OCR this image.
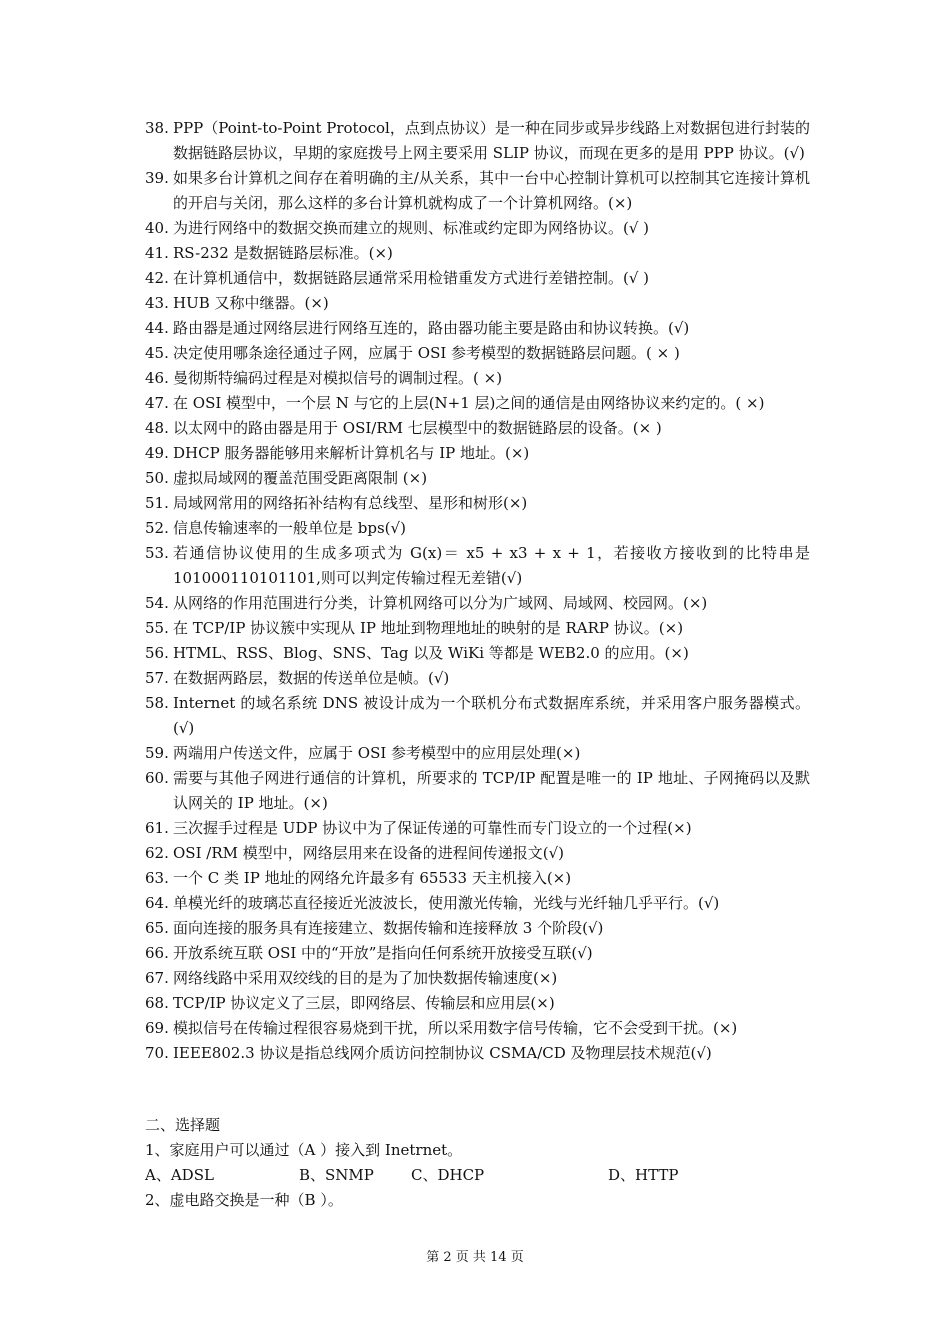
38. PPP（Point-to-Point Protocol，点到点协议）是一种在同步或异步线路上对数据包进行封装的数据链路层协议，早期的家庭拨号上网主要采用 SLIP 协议，而现在更多的是用 PPP 协议。(√)
39. 如果多台计算机之间存在着明确的主/从关系，其中一台中心控制计算机可以控制其它连接计算机的开启与关闭，那么这样的多台计算机就构成了一个计算机网络。(×)
40. 为进行网络中的数据交换而建立的规则、标准或约定即为网络协议。(√ )
41. RS-232 是数据链路层标准。(×)
42. 在计算机通信中，数据链路层通常采用检错重发方式进行差错控制。(√ )
43. HUB 又称中继器。(×)
44. 路由器是通过网络层进行网络互连的，路由器功能主要是路由和协议转换。(√)
45. 决定使用哪条途径通过子网，应属于 OSI 参考模型的数据链路层问题。( × )
46. 曼彻斯特编码过程是对模拟信号的调制过程。( ×)
47. 在 OSI 模型中，一个层 N 与它的上层(N+1 层)之间的通信是由网络协议来约定的。( ×)
48. 以太网中的路由器是用于 OSI/RM 七层模型中的数据链路层的设备。(× )
49. DHCP 服务器能够用来解析计算机名与 IP 地址。(×)
50. 虚拟局域网的覆盖范围受距离限制 (×)
51. 局域网常用的网络拓补结构有总线型、星形和树形(×)
52. 信息传输速率的一般单位是 bps(√)
53. 若通信协议使用的生成多项式为 G(x)＝ x5 + x3 + x + 1，若接收方接收到的比特串是 101000110101101,则可以判定传输过程无差错(√)
54. 从网络的作用范围进行分类，计算机网络可以分为广域网、局域网、校园网。(×)
55. 在 TCP/IP 协议簇中实现从 IP 地址到物理地址的映射的是 RARP 协议。(×)
56. HTML、RSS、Blog、SNS、Tag 以及 WiKi 等都是 WEB2.0 的应用。(×)
57. 在数据两路层，数据的传送单位是帧。(√)
58. Internet 的域名系统 DNS 被设计成为一个联机分布式数据库系统，并采用客户服务器模式。(√)
59. 两端用户传送文件，应属于 OSI 参考模型中的应用层处理(×)
60. 需要与其他子网进行通信的计算机，所要求的 TCP/IP 配置是唯一的 IP 地址、子网掩码以及默认网关的 IP 地址。(×)
61. 三次握手过程是 UDP 协议中为了保证传递的可靠性而专门设立的一个过程(×)
62. OSI /RM 模型中，网络层用来在设备的进程间传递报文(√)
63. 一个 C 类 IP 地址的网络允许最多有 65533 天主机接入(×)
64. 单模光纤的玻璃芯直径接近光波波长，使用激光传输，光线与光纤轴几乎平行。(√)
65. 面向连接的服务具有连接建立、数据传输和连接释放 3 个阶段(√)
66. 开放系统互联 OSI 中的“开放”是指向任何系统开放接受互联(√)
67. 网络线路中采用双绞线的目的是为了加快数据传输速度(×)
68. TCP/IP 协议定义了三层，即网络层、传输层和应用层(×)
69. 模拟信号在传输过程很容易烧到干扰，所以采用数字信号传输，它不会受到干扰。(×)
70. IEEE802.3 协议是指总线网介质访问控制协议 CSMA/CD 及物理层技术规范(√)
二、选择题
1、家庭用户可以通过（A ）接入到 Inetrnet。
A、ADSL	B、SNMP C、DHCP	D、HTTP
2、虚电路交换是一种（B ）。
第 2 页 共 14 页
